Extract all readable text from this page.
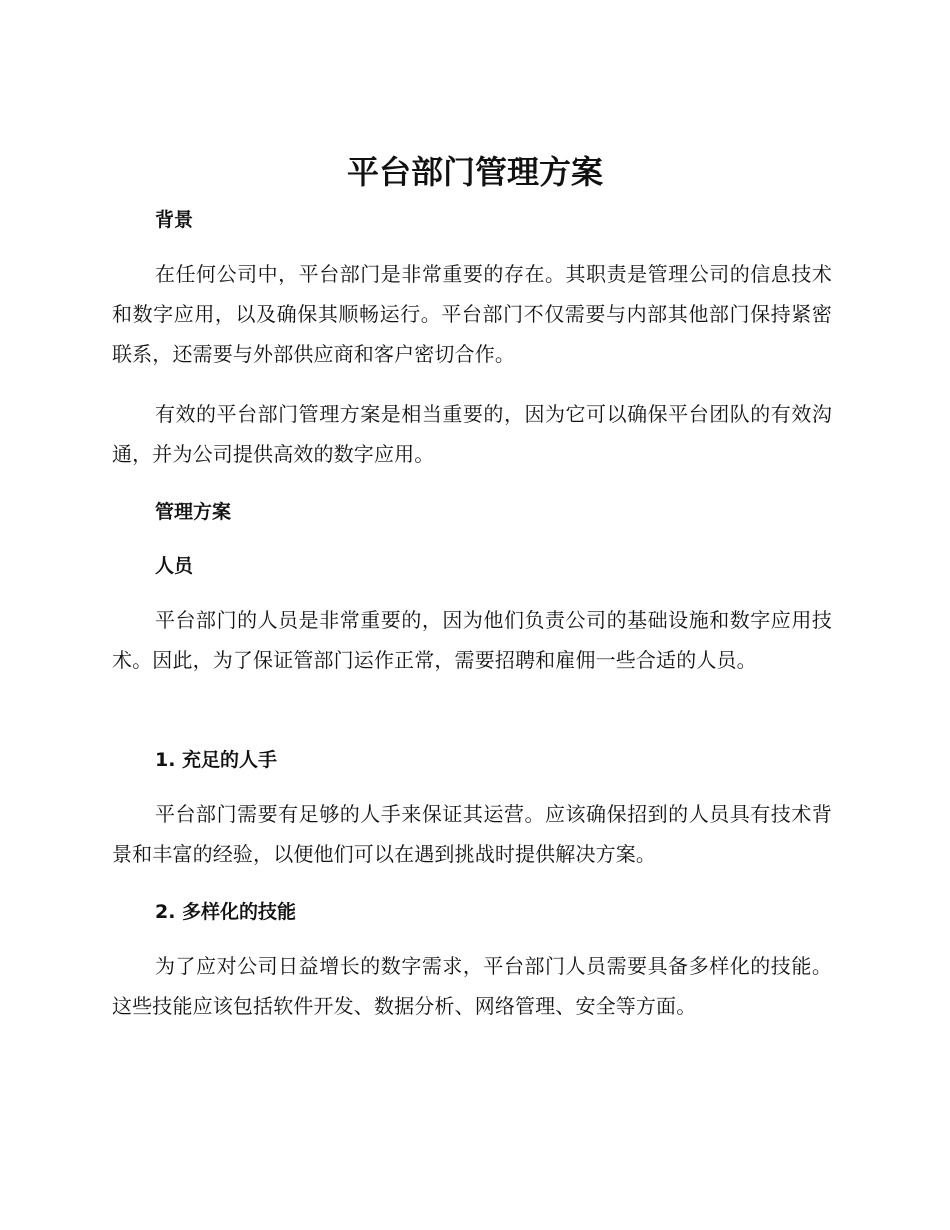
平台部门管理方案
背景

在任何公司中，平台部门是非常重要的存在。其职责是管理公司的信息技术和数字应用，以及确保其顺畅运行。平台部门不仅需要与内部其他部门保持紧密联系，还需要与外部供应商和客户密切合作。

有效的平台部门管理方案是相当重要的，因为它可以确保平台团队的有效沟通，并为公司提供高效的数字应用。

管理方案
人员

平台部门的人员是非常重要的，因为他们负责公司的基础设施和数字应用技术。因此，为了保证管部门运作正常，需要招聘和雇佣一些合适的人员。

1. 充足的人手

平台部门需要有足够的人手来保证其运营。应该确保招到的人员具有技术背景和丰富的经验，以便他们可以在遇到挑战时提供解决方案。

2. 多样化的技能

为了应对公司日益增长的数字需求，平台部门人员需要具备多样化的技能。这些技能应该包括软件开发、数据分析、网络管理、安全等方面。
